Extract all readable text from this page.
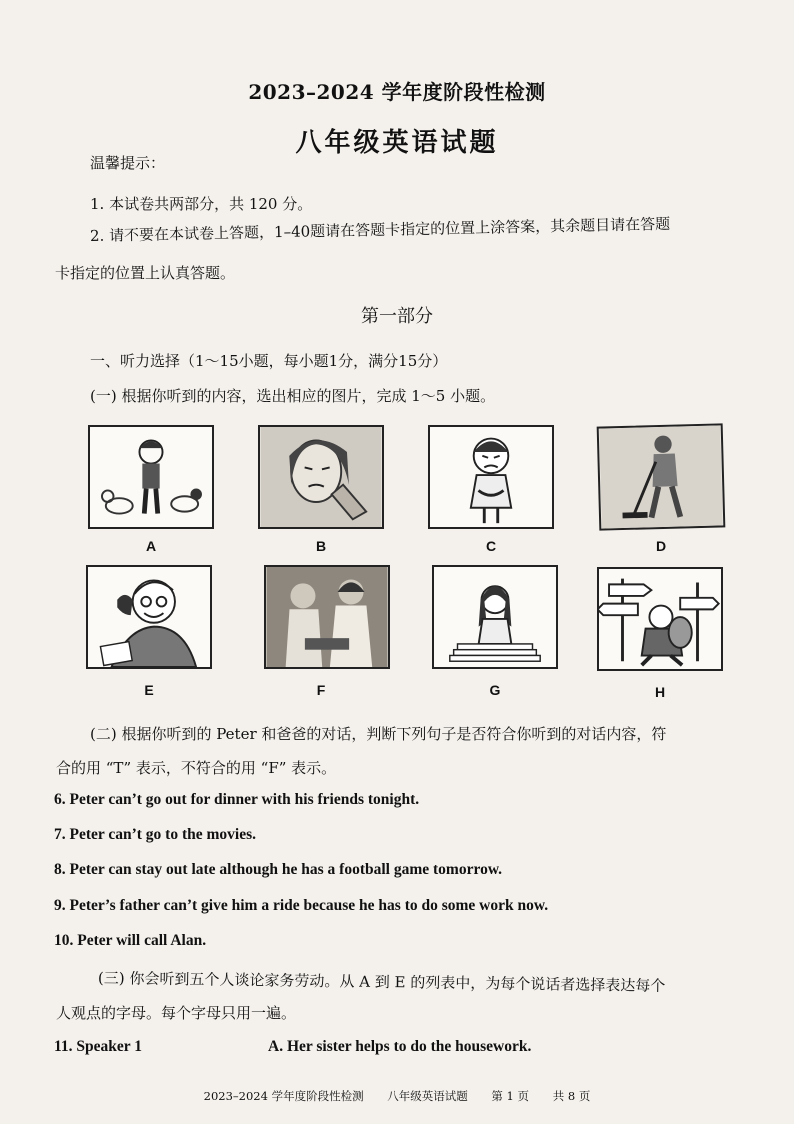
2023–2024 学年度阶段性检测
八年级英语试题
温馨提示：
1. 本试卷共两部分，共 120 分。
2. 请不要在本试卷上答题，1–40题请在答题卡指定的位置上涂答案，其余题目请在答题
卡指定的位置上认真答题。
第一部分
一、听力选择（1～15小题，每小题1分，满分15分）
(一) 根据你听到的内容，选出相应的图片，完成 1～5 小题。
A	B	C	D
E	F	G	H
(二) 根据你听到的 Peter 和爸爸的对话，判断下列句子是否符合你听到的对话内容，符
合的用 “T” 表示，不符合的用 “F” 表示。
6. Peter can’t go out for dinner with his friends tonight.
7. Peter can’t go to the movies.
8. Peter can stay out late although he has a football game tomorrow.
9. Peter’s father can’t give him a ride because he has to do some work now.
10. Peter will call Alan.
(三) 你会听到五个人谈论家务劳动。从 A 到 E 的列表中，为每个说话者选择表达每个
人观点的字母。每个字母只用一遍。
11. Speaker 1	A. Her sister helps to do the housework.
2023–2024 学年度阶段性检测 八年级英语试题 第 1 页 共 8 页
